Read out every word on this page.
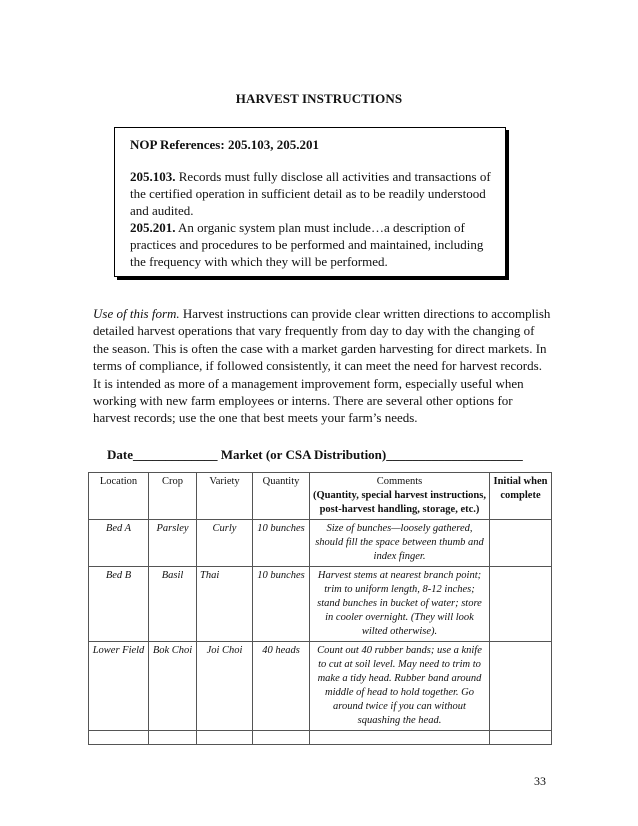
HARVEST INSTRUCTIONS
NOP References: 205.103, 205.201

205.103. Records must fully disclose all activities and transactions of the certified operation in sufficient detail as to be readily understood and audited.

205.201. An organic system plan must include…a description of practices and procedures to be performed and maintained, including the frequency with which they will be performed.

Use of this form. Harvest instructions can provide clear written directions to accomplish detailed harvest operations that vary frequently from day to day with the changing of the season. This is often the case with a market garden harvesting for direct markets. In terms of compliance, if followed consistently, it can meet the need for harvest records. It is intended as more of a management improvement form, especially useful when working with new farm employees or interns. There are several other options for harvest records; use the one that best meets your farm’s needs.
Date_____________ Market (or CSA Distribution)_____________________
Location	Crop	Variety	Quantity	Comments
(Quantity, special harvest instructions, post-harvest handling, storage, etc.)	Initial when complete
Bed A	Parsley	Curly	10 bunches	Size of bunches—loosely gathered, should fill the space between thumb and index finger.	
Bed B	Basil	Thai	10 bunches	Harvest stems at nearest branch point; trim to uniform length, 8-12 inches; stand bunches in bucket of water; store in cooler overnight. (They will look wilted otherwise).	
Lower Field	Bok Choi	Joi Choi	40 heads	Count out 40 rubber bands; use a knife to cut at soil level. May need to trim to make a tidy head. Rubber band around middle of head to hold together. Go around twice if you can without squashing the head.	

33
